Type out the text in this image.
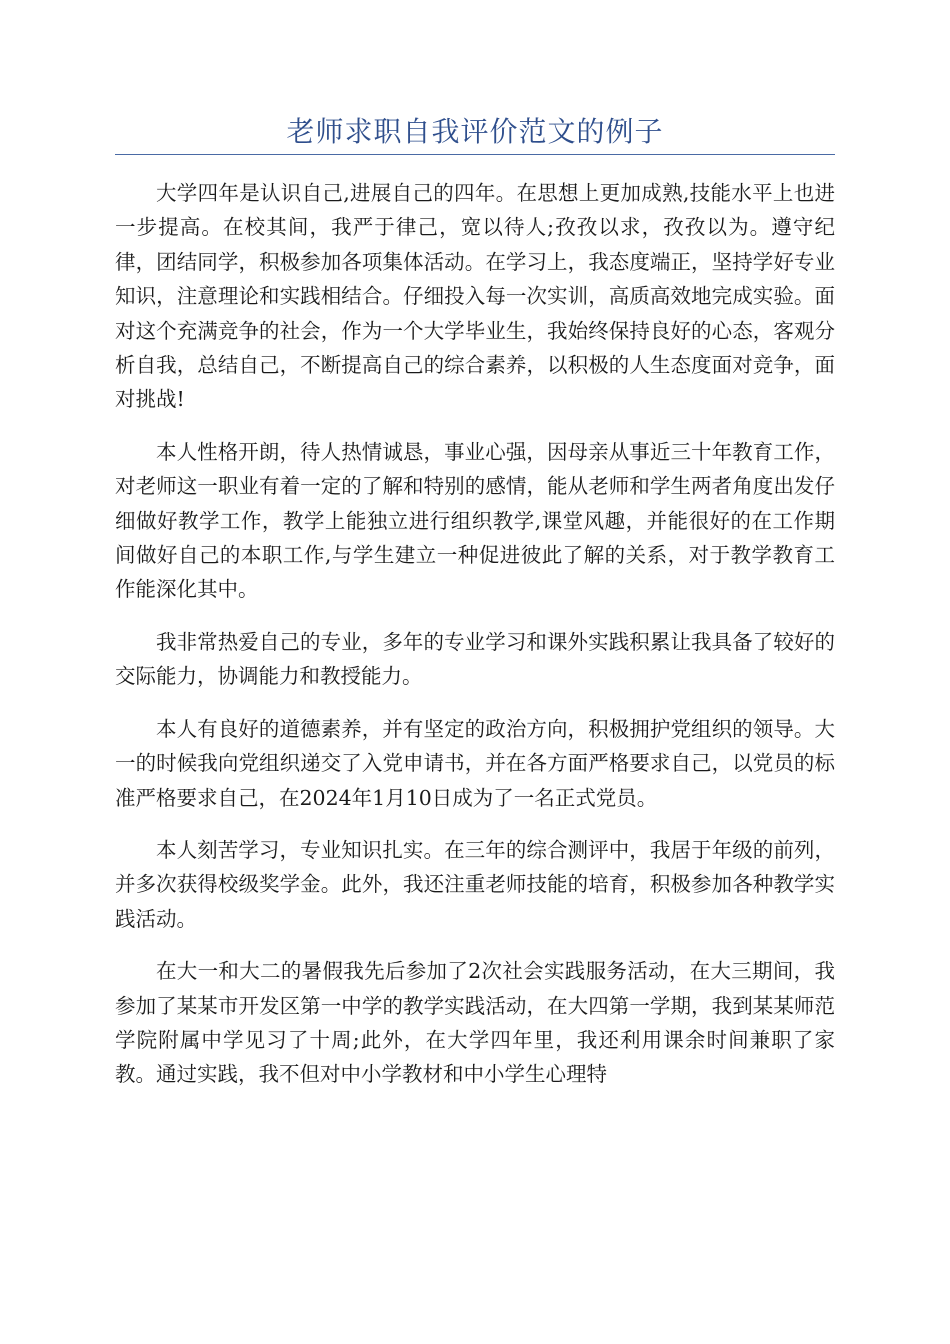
老师求职自我评价范文的例子

大学四年是认识自己,进展自己的四年。在思想上更加成熟,技能水平上也进一步提高。在校其间，我严于律己，宽以待人;孜孜以求，孜孜以为。遵守纪律，团结同学，积极参加各项集体活动。在学习上，我态度端正，坚持学好专业知识，注意理论和实践相结合。仔细投入每一次实训，高质高效地完成实验。面对这个充满竞争的社会，作为一个大学毕业生，我始终保持良好的心态，客观分析自我，总结自己，不断提高自己的综合素养，以积极的人生态度面对竞争，面对挑战!

本人性格开朗，待人热情诚恳，事业心强，因母亲从事近三十年教育工作，对老师这一职业有着一定的了解和特别的感情，能从老师和学生两者角度出发仔细做好教学工作，教学上能独立进行组织教学,课堂风趣，并能很好的在工作期间做好自己的本职工作,与学生建立一种促进彼此了解的关系，对于教学教育工作能深化其中。

我非常热爱自己的专业，多年的专业学习和课外实践积累让我具备了较好的交际能力，协调能力和教授能力。

本人有良好的道德素养，并有坚定的政治方向，积极拥护党组织的领导。大一的时候我向党组织递交了入党申请书，并在各方面严格要求自己，以党员的标准严格要求自己，在2024年1月10日成为了一名正式党员。

本人刻苦学习，专业知识扎实。在三年的综合测评中，我居于年级的前列，并多次获得校级奖学金。此外，我还注重老师技能的培育，积极参加各种教学实践活动。

在大一和大二的暑假我先后参加了2次社会实践服务活动，在大三期间，我参加了某某市开发区第一中学的教学实践活动，在大四第一学期，我到某某师范学院附属中学见习了十周;此外，在大学四年里，我还利用课余时间兼职了家教。通过实践，我不但对中小学教材和中小学生心理特
